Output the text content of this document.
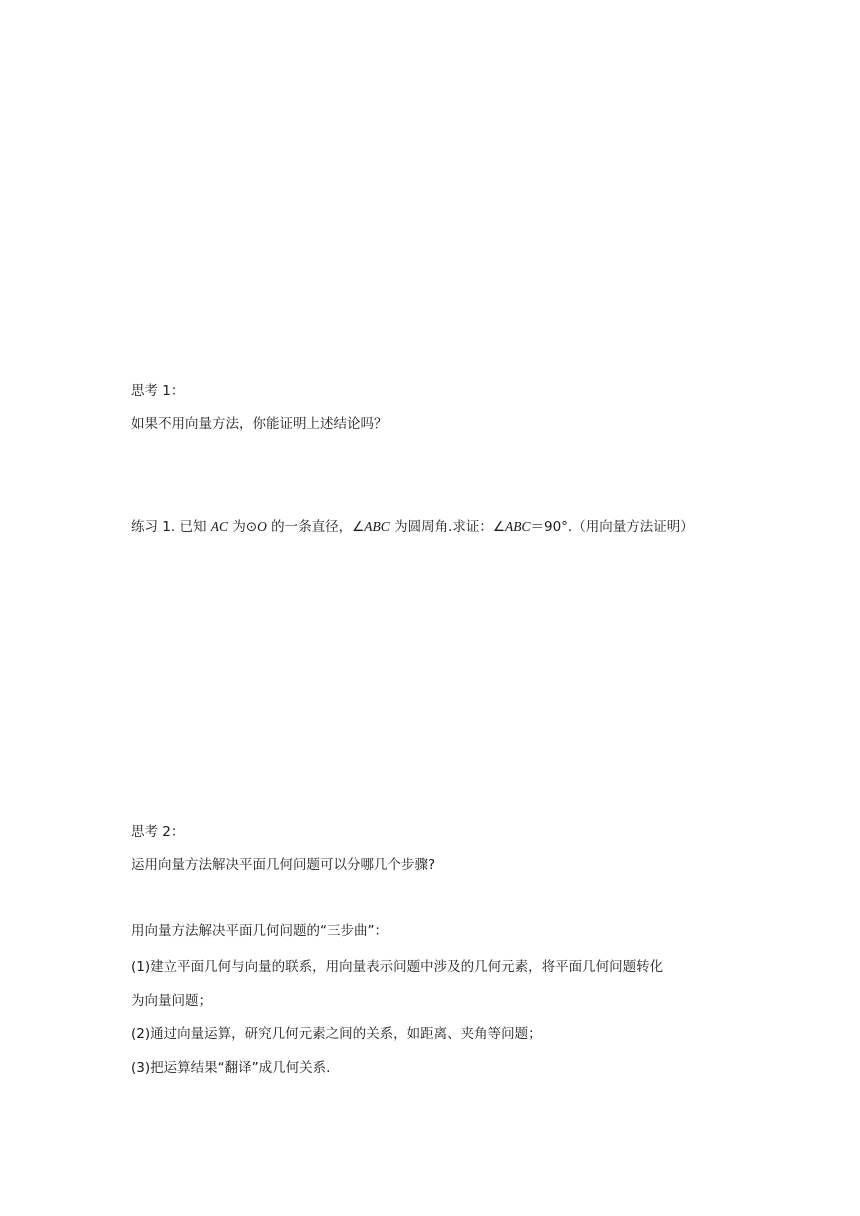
思考 1：
如果不用向量方法，你能证明上述结论吗？
练习 1. 已知 AC 为⊙O 的一条直径，∠ABC 为圆周角.求证：∠ABC＝90°.（用向量方法证明）
思考 2：
运用向量方法解决平面几何问题可以分哪几个步骤?
用向量方法解决平面几何问题的“三步曲”：
(1)建立平面几何与向量的联系，用向量表示问题中涉及的几何元素，将平面几何问题转化
为向量问题；
(2)通过向量运算，研究几何元素之间的关系，如距离、夹角等问题；
(3)把运算结果“翻译”成几何关系.
